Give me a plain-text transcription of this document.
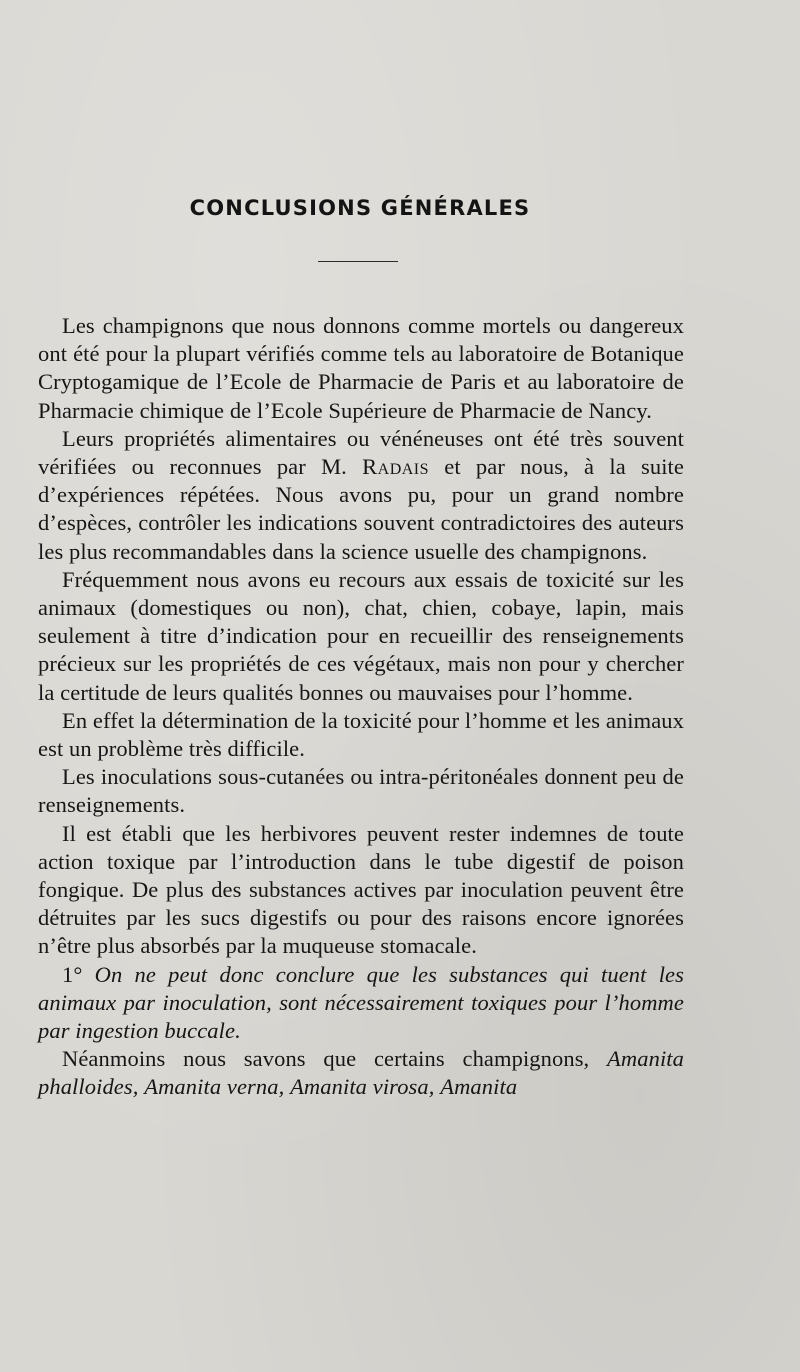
CONCLUSIONS GÉNÉRALES

Les champignons que nous donnons comme mortels ou dangereux ont été pour la plupart vérifiés comme tels au laboratoire de Botanique Cryptogamique de l’Ecole de Pharmacie de Paris et au laboratoire de Pharmacie chimique de l’Ecole Supérieure de Pharmacie de Nancy.

Leurs propriétés alimentaires ou vénéneuses ont été très souvent vérifiées ou reconnues par M. Radais et par nous, à la suite d’expériences répétées. Nous avons pu, pour un grand nombre d’espèces, contrôler les indications souvent contradictoires des auteurs les plus recommandables dans la science usuelle des champignons.

Fréquemment nous avons eu recours aux essais de toxicité sur les animaux (domestiques ou non), chat, chien, cobaye, lapin, mais seulement à titre d’indication pour en recueillir des renseignements précieux sur les propriétés de ces végétaux, mais non pour y chercher la certitude de leurs qualités bonnes ou mauvaises pour l’homme.

En effet la détermination de la toxicité pour l’homme et les animaux est un problème très difficile.

Les inoculations sous-cutanées ou intra-péritonéales donnent peu de renseignements.

Il est établi que les herbivores peuvent rester indemnes de toute action toxique par l’introduction dans le tube digestif de poison fongique. De plus des substances actives par inoculation peuvent être détruites par les sucs digestifs ou pour des raisons encore ignorées n’être plus absorbés par la muqueuse stomacale.

1° On ne peut donc conclure que les substances qui tuent les animaux par inoculation, sont nécessairement toxiques pour l’homme par ingestion buccale.

Néanmoins nous savons que certains champignons, Amanita phalloides, Amanita verna, Amanita virosa, Amanita
